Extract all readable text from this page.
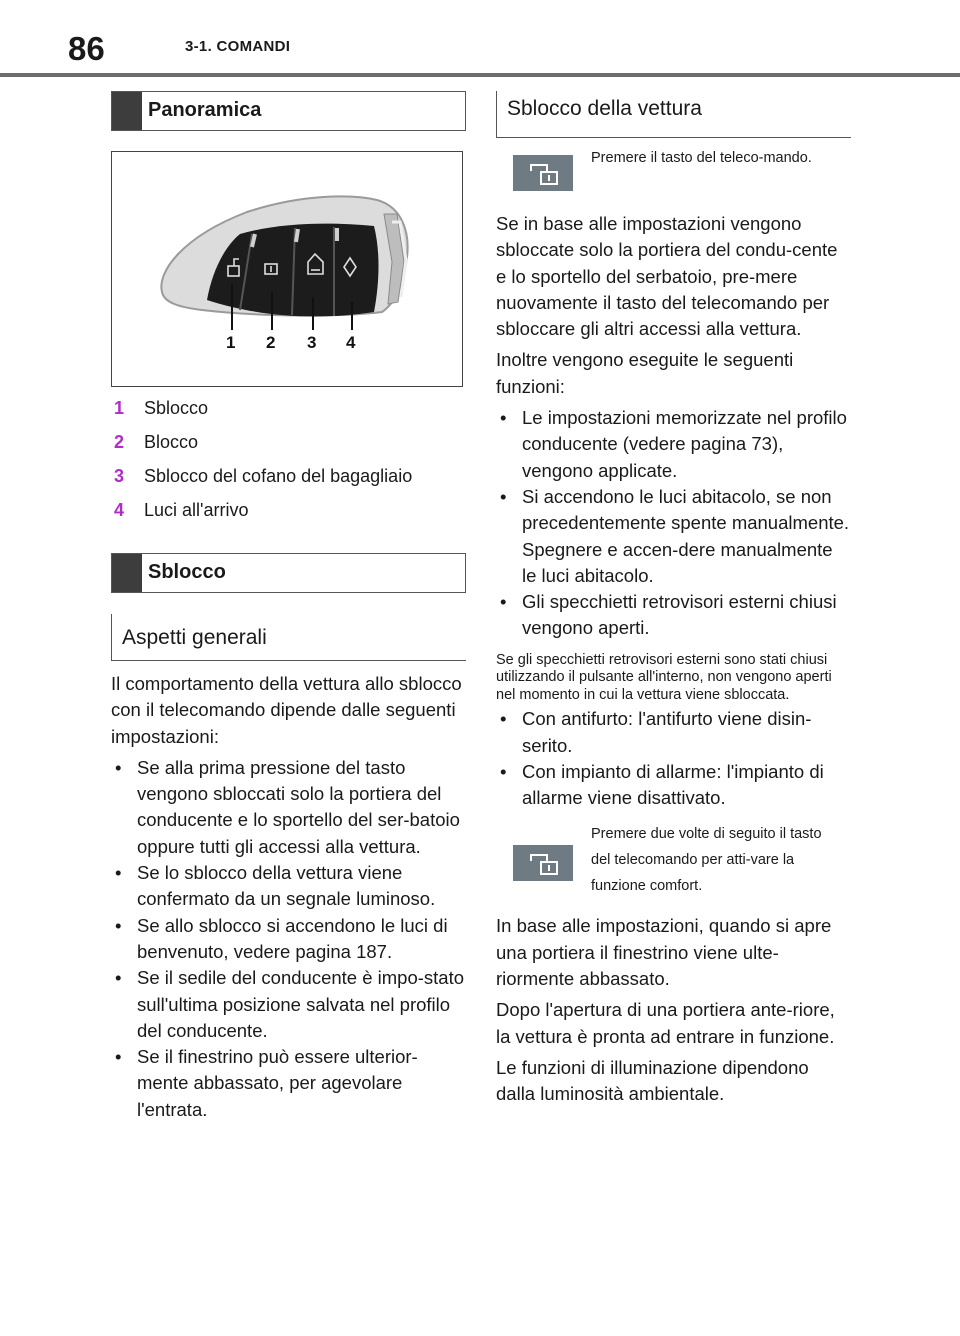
86	3-1. COMANDI
Panoramica
1 2 3 4
1 Sblocco
2 Blocco
3 Sblocco del cofano del bagagliaio
4 Luci all'arrivo
Sblocco
Aspetti generali

Il comportamento della vettura allo sblocco con il telecomando dipende dalle seguenti impostazioni:

• Se alla prima pressione del tasto vengono sbloccati solo la portiera del conducente e lo sportello del ser-batoio oppure tutti gli accessi alla vettura.
• Se lo sblocco della vettura viene confermato da un segnale luminoso.
• Se allo sblocco si accendono le luci di benvenuto, vedere pagina 187.
• Se il sedile del conducente è impo-stato sull'ultima posizione salvata nel profilo del conducente.
• Se il finestrino può essere ulterior-mente abbassato, per agevolare l'entrata.
Sblocco della vettura
Premere il tasto del teleco-mando.

Se in base alle impostazioni vengono sbloccate solo la portiera del condu-cente e lo sportello del serbatoio, pre-mere nuovamente il tasto del telecomando per sbloccare gli altri accessi alla vettura.

Inoltre vengono eseguite le seguenti funzioni:

• Le impostazioni memorizzate nel profilo conducente (vedere pagina 73), vengono applicate.
• Si accendono le luci abitacolo, se non precedentemente spente manualmente. Spegnere e accen-dere manualmente le luci abitacolo.
• Gli specchietti retrovisori esterni chiusi vengono aperti.

Se gli specchietti retrovisori esterni sono stati chiusi utilizzando il pulsante all'interno, non vengono aperti nel momento in cui la vettura viene sbloccata.

• Con antifurto: l'antifurto viene disin-serito.
• Con impianto di allarme: l'impianto di allarme viene disattivato.
Premere due volte di seguito il tasto del telecomando per atti-vare la funzione comfort.

In base alle impostazioni, quando si apre una portiera il finestrino viene ulte-riormente abbassato.

Dopo l'apertura di una portiera ante-riore, la vettura è pronta ad entrare in funzione.

Le funzioni di illuminazione dipendono dalla luminosità ambientale.
